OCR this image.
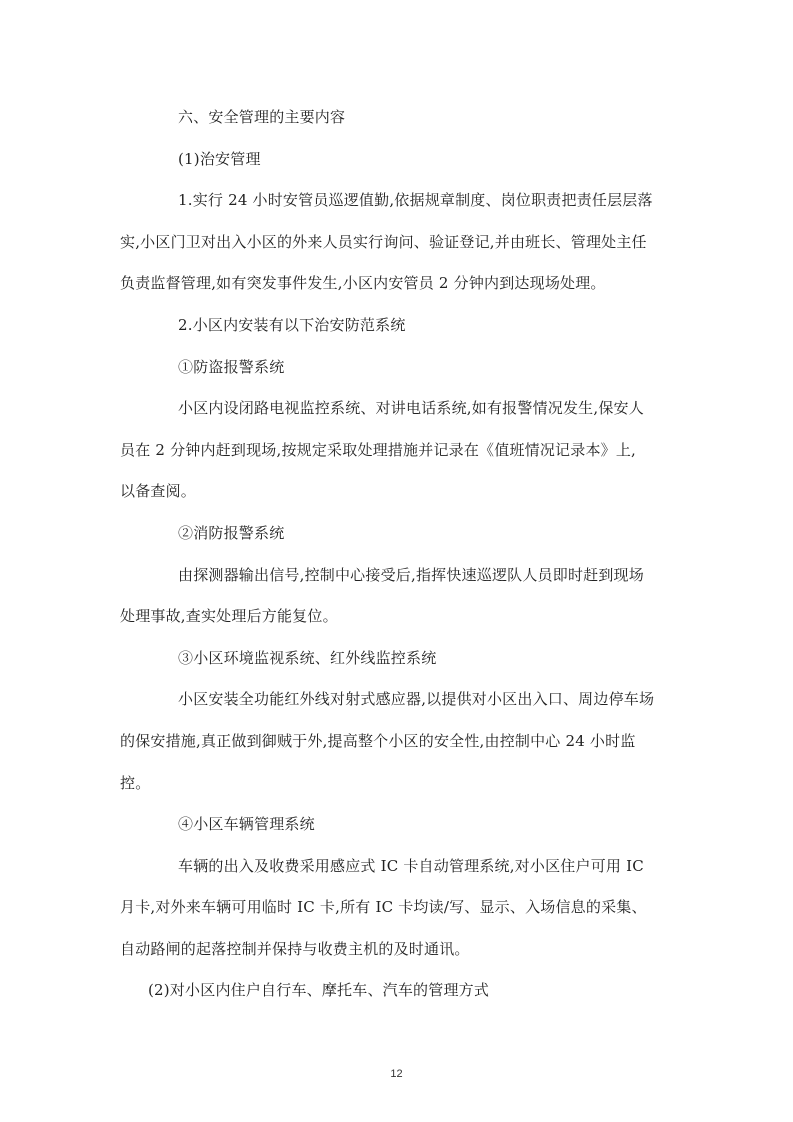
六、安全管理的主要内容
(1)治安管理
1.实行 24 小时安管员巡逻值勤,依据规章制度、岗位职责把责任层层落
实,小区门卫对出入小区的外来人员实行询问、验证登记,并由班长、管理处主任
负责监督管理,如有突发事件发生,小区内安管员 2 分钟内到达现场处理。
2.小区内安装有以下治安防范系统
①防盗报警系统
小区内设闭路电视监控系统、对讲电话系统,如有报警情况发生,保安人
员在 2 分钟内赶到现场,按规定采取处理措施并记录在《值班情况记录本》上,
以备查阅。
②消防报警系统
由探测器输出信号,控制中心接受后,指挥快速巡逻队人员即时赶到现场
处理事故,查实处理后方能复位。
③小区环境监视系统、红外线监控系统
小区安装全功能红外线对射式感应器,以提供对小区出入口、周边停车场
的保安措施,真正做到御贼于外,提高整个小区的安全性,由控制中心 24 小时监
控。
④小区车辆管理系统
车辆的出入及收费采用感应式 IC 卡自动管理系统,对小区住户可用 IC
月卡,对外来车辆可用临时 IC 卡,所有 IC 卡均读/写、显示、入场信息的采集、
自动路闸的起落控制并保持与收费主机的及时通讯。
(2)对小区内住户自行车、摩托车、汽车的管理方式
12
